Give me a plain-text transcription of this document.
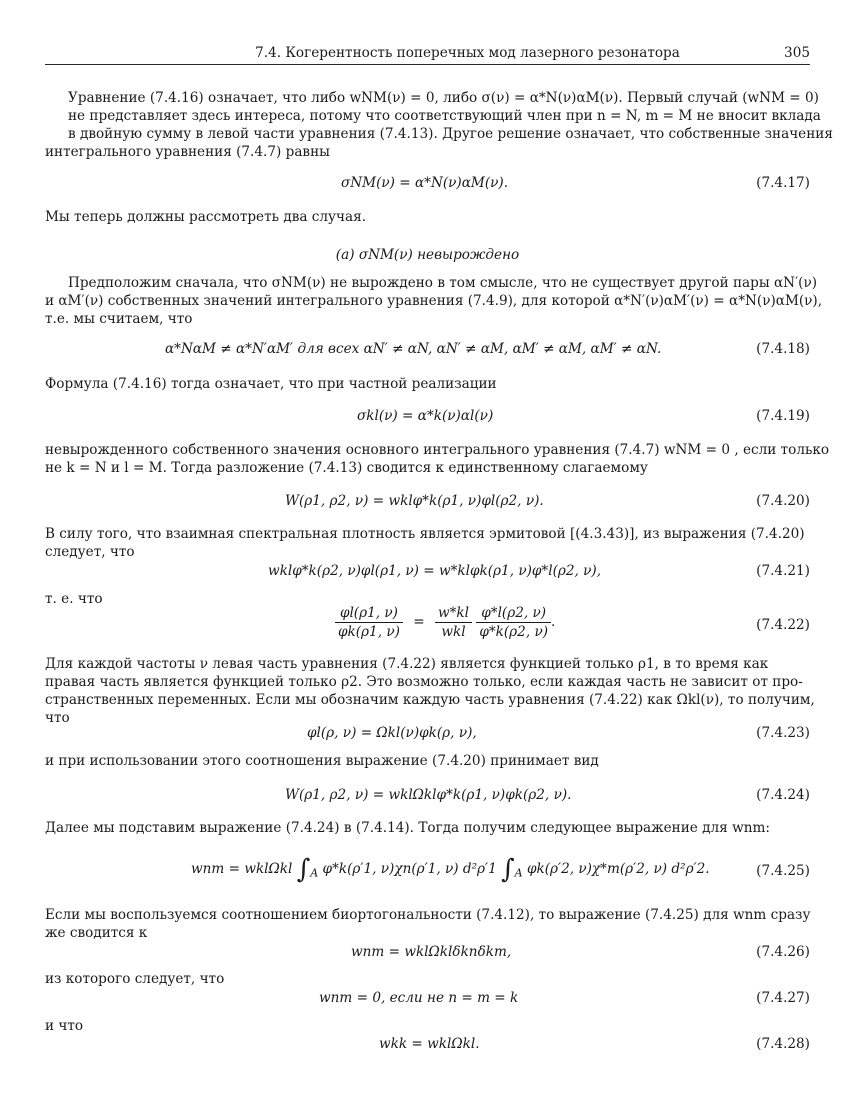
7.4. Когерентность поперечных мод лазерного резонатора	305
Уравнение (7.4.16) означает, что либо wNM(ν) = 0, либо σ(ν) = α*N(ν)αM(ν). Первый случай (wNM = 0)
не представляет здесь интереса, потому что соответствующий член при n = N, m = M не вносит вклада
в двойную сумму в левой части уравнения (7.4.13). Другое решение означает, что собственные значения
интегрального уравнения (7.4.7) равны
σNM(ν) = α*N(ν)αM(ν).	(7.4.17)
Мы теперь должны рассмотреть два случая.
(a) σNM(ν) невырождено
Предположим сначала, что σNM(ν) не вырождено в том смысле, что не существует другой пары αN′(ν)
и αM′(ν) собственных значений интегрального уравнения (7.4.9), для которой α*N′(ν)αM′(ν) = α*N(ν)αM(ν),
т.е. мы считаем, что
α*NαM ≠ α*N′αM′ для всех αN′ ≠ αN, αN′ ≠ αM, αM′ ≠ αM, αM′ ≠ αN.	(7.4.18)
Формула (7.4.16) тогда означает, что при частной реализации
σkl(ν) = α*k(ν)αl(ν)	(7.4.19)
невырожденного собственного значения основного интегрального уравнения (7.4.7) wNM = 0 , если только
не k = N и l = M. Тогда разложение (7.4.13) сводится к единственному слагаемому
W(ρ1, ρ2, ν) = wklφ*k(ρ1, ν)φl(ρ2, ν).	(7.4.20)
В силу того, что взаимная спектральная плотность является эрмитовой [(4.3.43)], из выражения (7.4.20)
следует, что
wklφ*k(ρ2, ν)φl(ρ1, ν) = w*klφk(ρ1, ν)φ*l(ρ2, ν),	(7.4.21)
т. е. что
$\frac{\varphi l(\rho 1, \nu)}{\varphi k(\rho 1, \nu)} = \frac{w*kl}{\text{wkl}}$
$\frac{\varphi*l(\rho 2, \nu)}{\varphi*k(\rho 2, \nu)}$ .	(7.4.22)
Для каждой частоты ν левая часть уравнения (7.4.22) является функцией только ρ1, в то время как
правая часть является функцией только ρ2. Это возможно только, если каждая часть не зависит от про-
странственных переменных. Если мы обозначим каждую часть уравнения (7.4.22) как Ωkl(ν), то получим,
что
φl(ρ, ν) = Ωkl(ν)φk(ρ, ν),	(7.4.23)
и при использовании этого соотношения выражение (7.4.20) принимает вид
W(ρ1, ρ2, ν) = wklΩklφ*k(ρ1, ν)φk(ρ2, ν).	(7.4.24)
Далее мы подставим выражение (7.4.24) в (7.4.14). Тогда получим следующее выражение для wnm:
wnm = wklΩkl $\int_A$ φ*k(ρ′1, ν)χn(ρ′1, ν) d²ρ′1 $\int_A$ φk(ρ′2, ν)χ*m(ρ′2, ν) d²ρ′2.	(7.4.25)
Если мы воспользуемся соотношением биортогональности (7.4.12), то выражение (7.4.25) для wnm сразу
же сводится к
wnm = wklΩklδknδkm,	(7.4.26)
из которого следует, что
wnm = 0, если не n = m = k	(7.4.27)
и что
wkk = wklΩkl.	(7.4.28)
